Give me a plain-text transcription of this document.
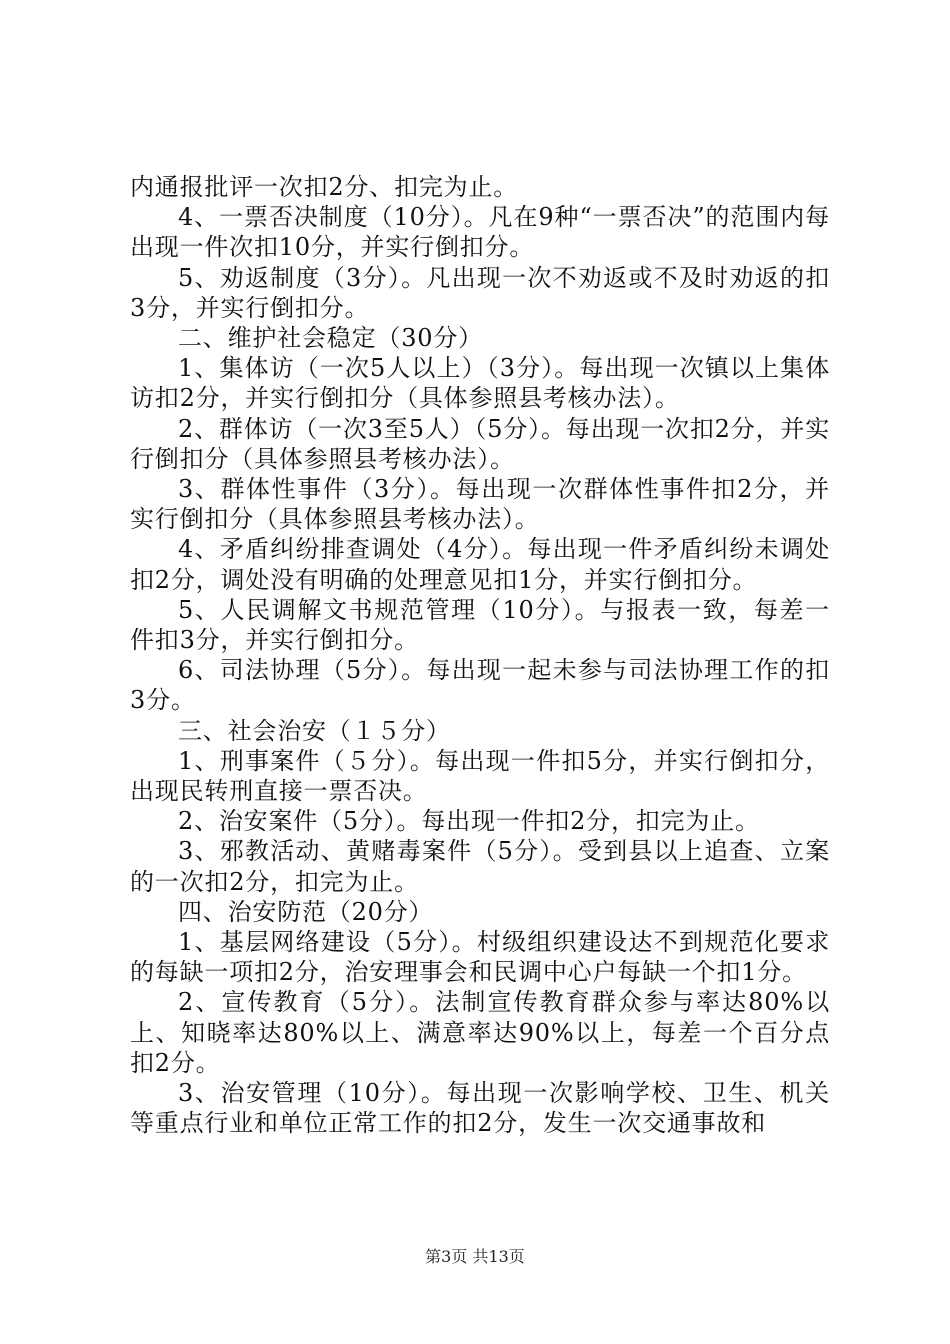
内通报批评一次扣2分、扣完为止。

4、一票否决制度（10分）。凡在9种“一票否决”的范围内每出现一件次扣10分，并实行倒扣分。

5、劝返制度（3分）。凡出现一次不劝返或不及时劝返的扣3分，并实行倒扣分。

二、维护社会稳定（30分）

1、集体访（一次5人以上）（3分）。每出现一次镇以上集体访扣2分，并实行倒扣分（具体参照县考核办法）。

2、群体访（一次3至5人）（5分）。每出现一次扣2分，并实行倒扣分（具体参照县考核办法）。

3、群体性事件（3分）。每出现一次群体性事件扣2分，并实行倒扣分（具体参照县考核办法）。

4、矛盾纠纷排查调处（4分）。每出现一件矛盾纠纷未调处扣2分，调处没有明确的处理意见扣1分，并实行倒扣分。

5、人民调解文书规范管理（10分）。与报表一致，每差一件扣3分，并实行倒扣分。

6、司法协理（5分）。每出现一起未参与司法协理工作的扣3分。

三、社会治安（１５分）

1、刑事案件（５分）。每出现一件扣5分，并实行倒扣分，出现民转刑直接一票否决。

2、治安案件（5分）。每出现一件扣2分，扣完为止。

3、邪教活动、黄赌毒案件（5分）。受到县以上追查、立案的一次扣2分，扣完为止。

四、治安防范（20分）

1、基层网络建设（5分）。村级组织建设达不到规范化要求的每缺一项扣2分，治安理事会和民调中心户每缺一个扣1分。

2、宣传教育（5分）。法制宣传教育群众参与率达80%以上、知晓率达80%以上、满意率达90%以上，每差一个百分点扣2分。

3、治安管理（10分）。每出现一次影响学校、卫生、机关等重点行业和单位正常工作的扣2分，发生一次交通事故和

第3页 共13页
